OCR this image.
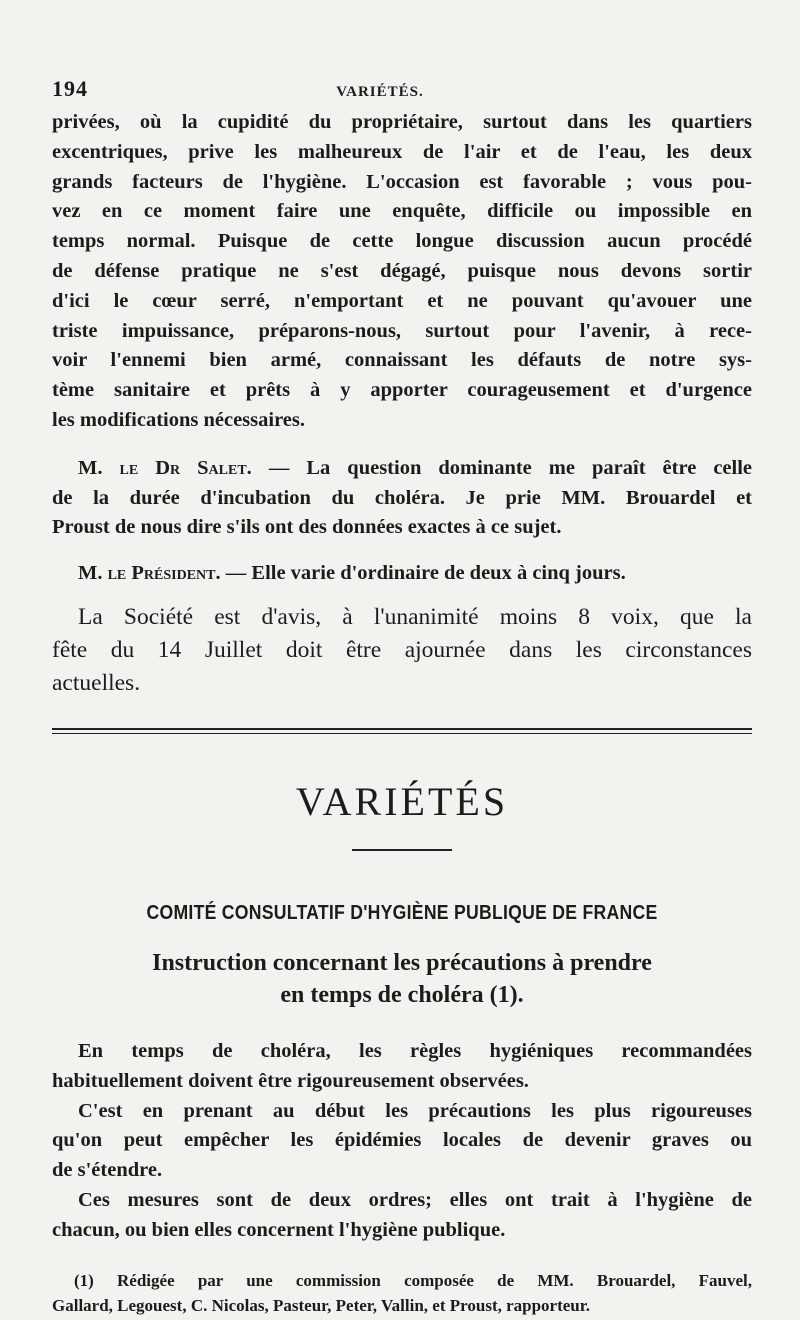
194	VARIÉTÉS.
privées, où la cupidité du propriétaire, surtout dans les quartiers
excentriques, prive les malheureux de l'air et de l'eau, les deux
grands facteurs de l'hygiène. L'occasion est favorable ; vous pou-
vez en ce moment faire une enquête, difficile ou impossible en
temps normal. Puisque de cette longue discussion aucun procédé
de défense pratique ne s'est dégagé, puisque nous devons sortir
d'ici le cœur serré, n'emportant et ne pouvant qu'avouer une
triste impuissance, préparons-nous, surtout pour l'avenir, à rece-
voir l'ennemi bien armé, connaissant les défauts de notre sys-
tème sanitaire et prêts à y apporter courageusement et d'urgence
les modifications nécessaires.
M. le Dr Salet. — La question dominante me paraît être celle
de la durée d'incubation du choléra. Je prie MM. Brouardel et
Proust de nous dire s'ils ont des données exactes à ce sujet.
M. le Président. — Elle varie d'ordinaire de deux à cinq jours.
La Société est d'avis, à l'unanimité moins 8 voix, que la
fête du 14 Juillet doit être ajournée dans les circonstances
actuelles.
VARIÉTÉS
COMITÉ CONSULTATIF D'HYGIÈNE PUBLIQUE DE FRANCE
Instruction concernant les précautions à prendre
en temps de choléra (1).
En temps de choléra, les règles hygiéniques recommandées
habituellement doivent être rigoureusement observées.
C'est en prenant au début les précautions les plus rigoureuses
qu'on peut empêcher les épidémies locales de devenir graves ou
de s'étendre.
Ces mesures sont de deux ordres; elles ont trait à l'hygiène de
chacun, ou bien elles concernent l'hygiène publique.
(1) Rédigée par une commission composée de MM. Brouardel, Fauvel,
Gallard, Legouest, C. Nicolas, Pasteur, Peter, Vallin, et Proust, rapporteur.
